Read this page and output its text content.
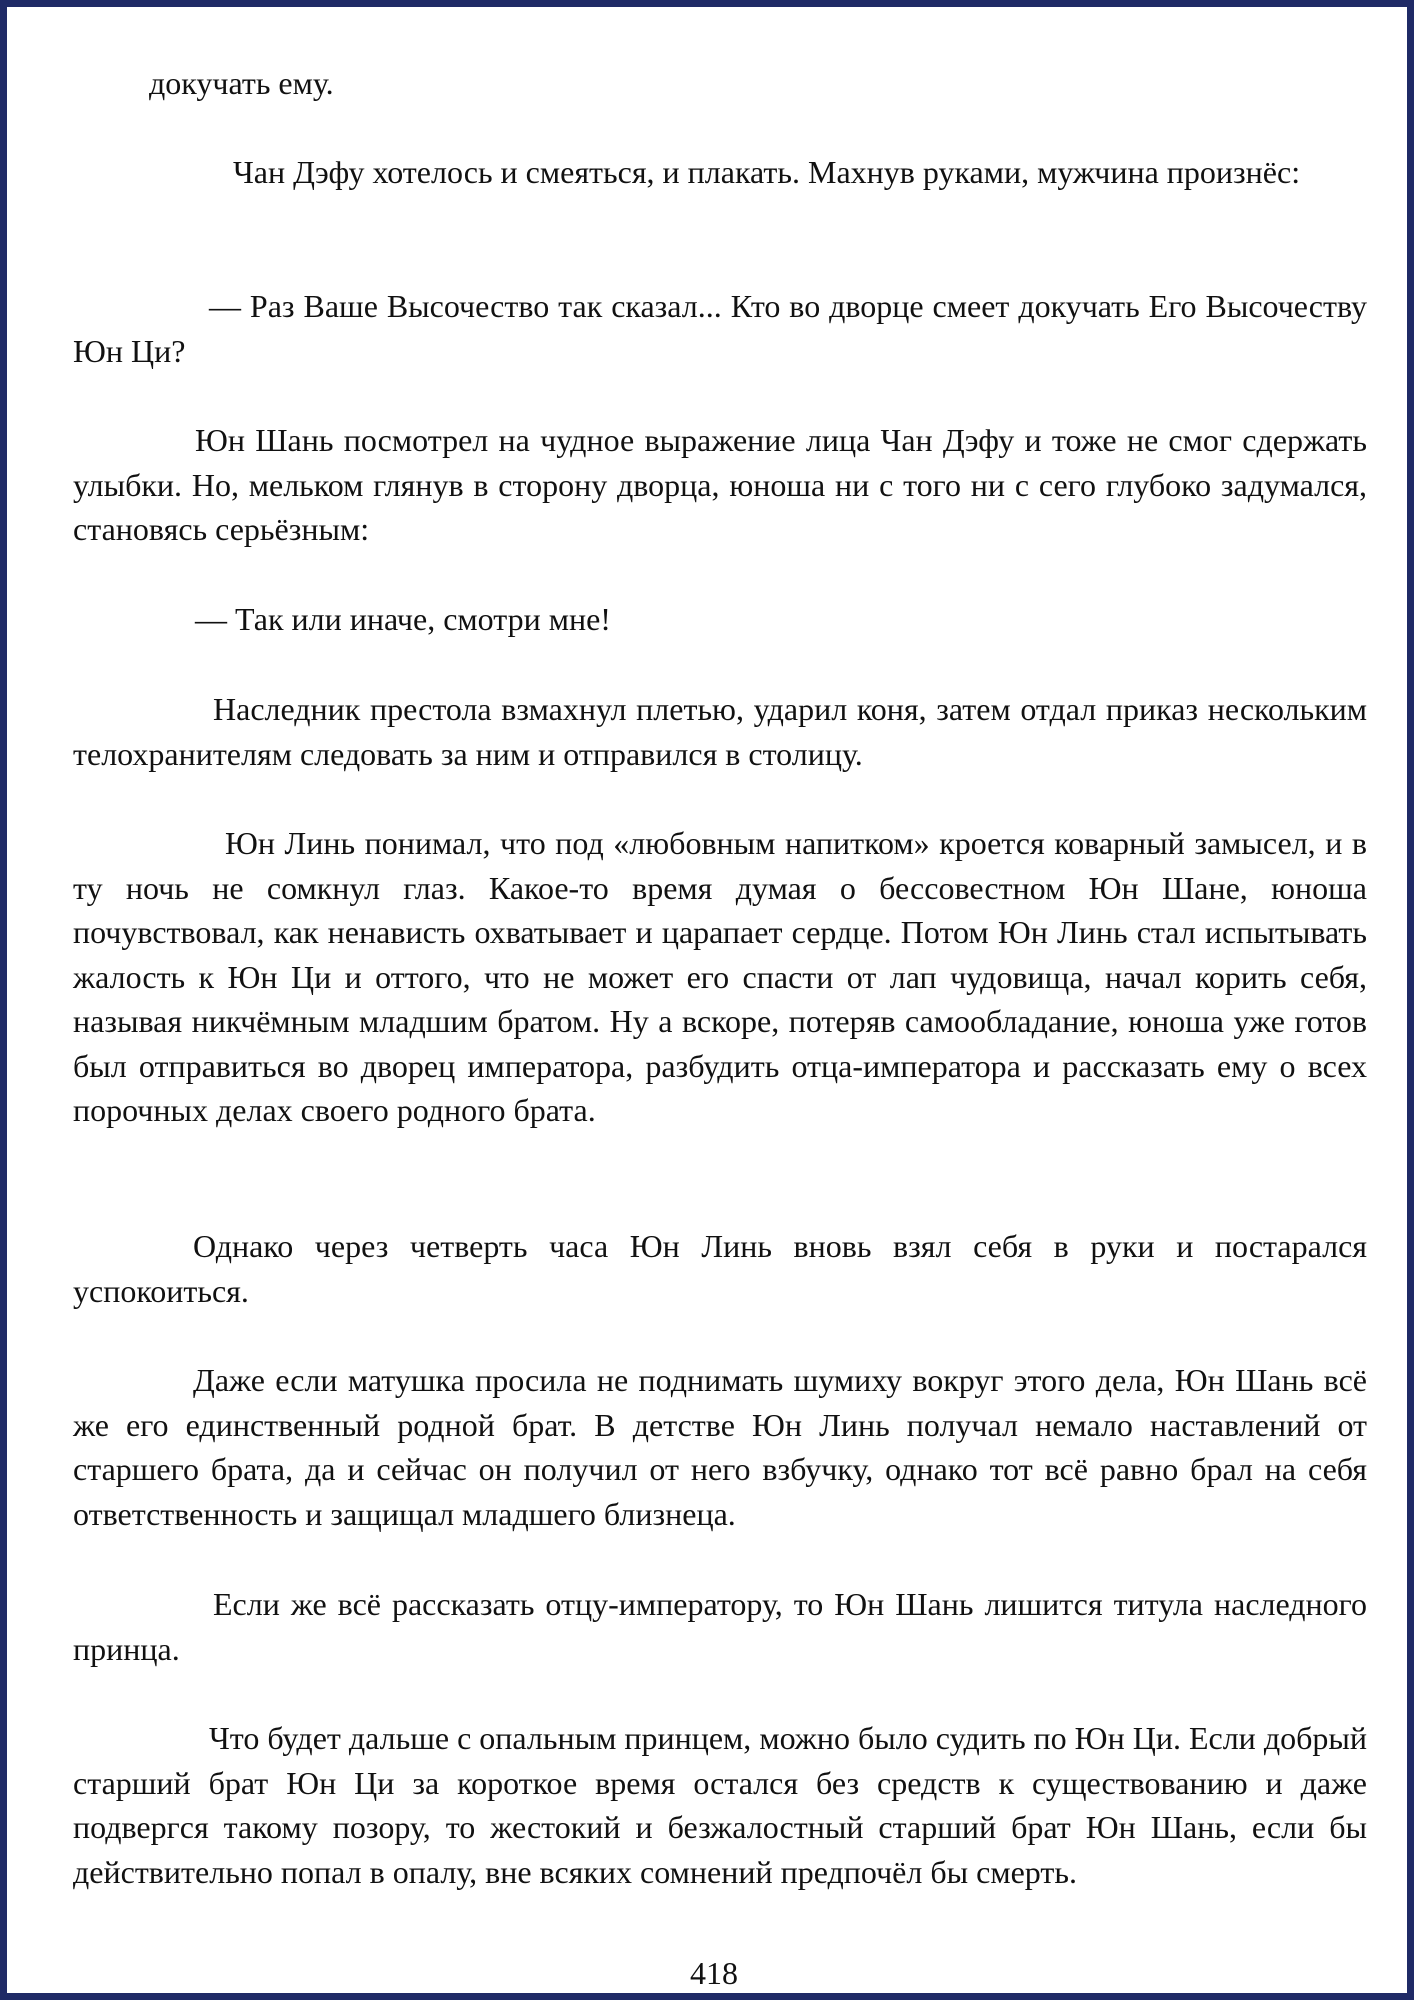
докучать ему.

Чан Дэфу хотелось и смеяться, и плакать. Махнув руками, мужчина произнёс:

— Раз Ваше Высочество так сказал... Кто во дворце смеет докучать Его Высочеству Юн Ци?

Юн Шань посмотрел на чудное выражение лица Чан Дэфу и тоже не смог сдержать улыбки. Но, мельком глянув в сторону дворца, юноша ни с того ни с сего глубоко задумался, становясь серьёзным:

— Так или иначе, смотри мне!

Наследник престола взмахнул плетью, ударил коня, затем отдал приказ нескольким телохранителям следовать за ним и отправился в столицу.

Юн Линь понимал, что под «любовным напитком» кроется коварный замысел, и в ту ночь не сомкнул глаз. Какое-то время думая о бессовестном Юн Шане, юноша почувствовал, как ненависть охватывает и царапает сердце. Потом Юн Линь стал испытывать жалость к Юн Ци и оттого, что не может его спасти от лап чудовища, начал корить себя, называя никчёмным младшим братом. Ну а вскоре, потеряв самообладание, юноша уже готов был отправиться во дворец императора, разбудить отца-императора и рассказать ему о всех порочных делах своего родного брата.

Однако через четверть часа Юн Линь вновь взял себя в руки и постарался успокоиться.

Даже если матушка просила не поднимать шумиху вокруг этого дела, Юн Шань всё же его единственный родной брат. В детстве Юн Линь получал немало наставлений от старшего брата, да и сейчас он получил от него взбучку, однако тот всё равно брал на себя ответственность и защищал младшего близнеца.

Если же всё рассказать отцу-императору, то Юн Шань лишится титула наследного принца.

Что будет дальше с опальным принцем, можно было судить по Юн Ци. Если добрый старший брат Юн Ци за короткое время остался без средств к существованию и даже подвергся такому позору, то жестокий и безжалостный старший брат Юн Шань, если бы действительно попал в опалу, вне всяких сомнений предпочёл бы смерть.

418
